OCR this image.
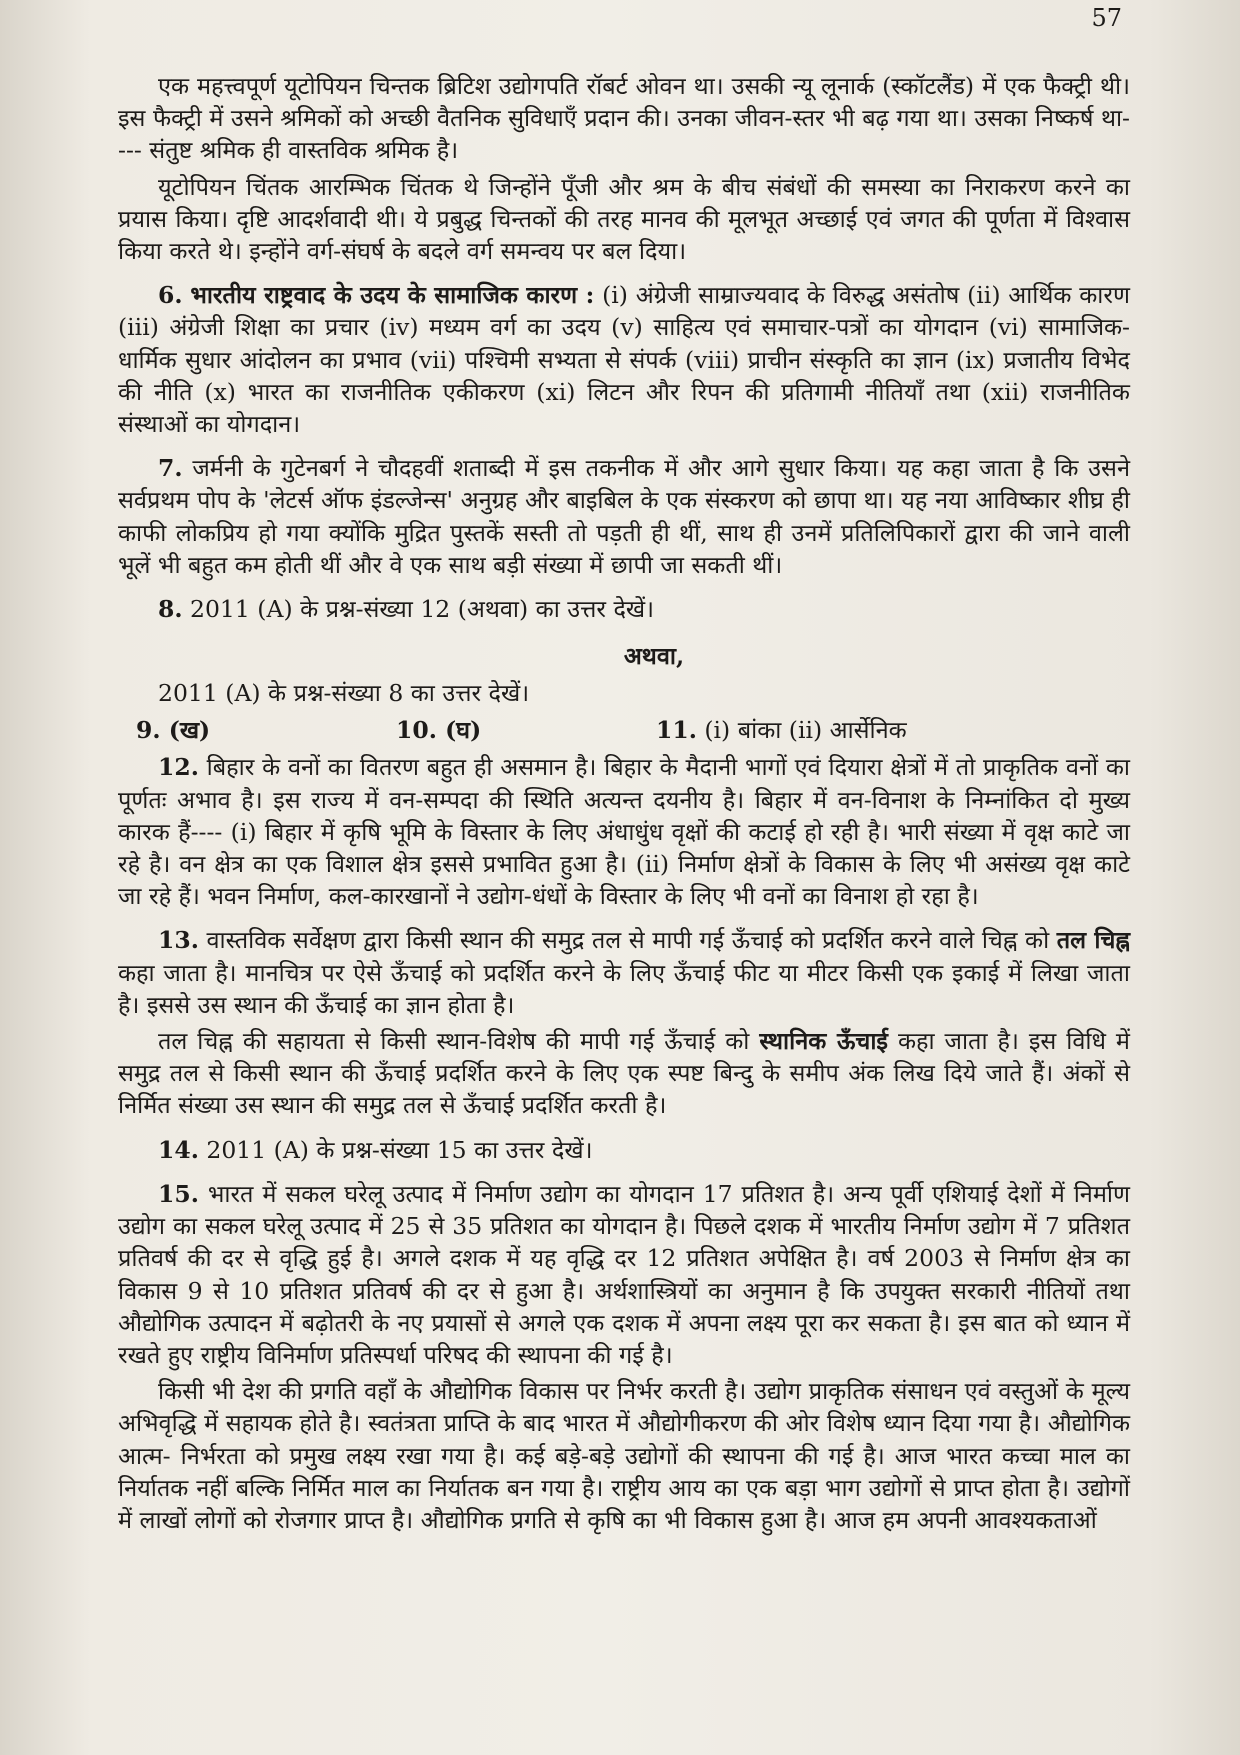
57

एक महत्त्वपूर्ण यूटोपियन चिन्तक ब्रिटिश उद्योगपति रॉबर्ट ओवन था। उसकी न्यू लूनार्क (स्कॉटलैंड) में एक फैक्ट्री थी। इस फैक्ट्री में उसने श्रमिकों को अच्छी वैतनिक सुविधाएँ प्रदान की। उनका जीवन-स्तर भी बढ़ गया था। उसका निष्कर्ष था---- संतुष्ट श्रमिक ही वास्तविक श्रमिक है।

यूटोपियन चिंतक आरम्भिक चिंतक थे जिन्होंने पूँजी और श्रम के बीच संबंधों की समस्या का निराकरण करने का प्रयास किया। दृष्टि आदर्शवादी थी। ये प्रबुद्ध चिन्तकों की तरह मानव की मूलभूत अच्छाई एवं जगत की पूर्णता में विश्वास किया करते थे। इन्होंने वर्ग-संघर्ष के बदले वर्ग समन्वय पर बल दिया।

6. भारतीय राष्ट्रवाद के उदय के सामाजिक कारण : (i) अंग्रेजी साम्राज्यवाद के विरुद्ध असंतोष (ii) आर्थिक कारण (iii) अंग्रेजी शिक्षा का प्रचार (iv) मध्यम वर्ग का उदय (v) साहित्य एवं समाचार-पत्रों का योगदान (vi) सामाजिक-धार्मिक सुधार आंदोलन का प्रभाव (vii) पश्चिमी सभ्यता से संपर्क (viii) प्राचीन संस्कृति का ज्ञान (ix) प्रजातीय विभेद की नीति (x) भारत का राजनीतिक एकीकरण (xi) लिटन और रिपन की प्रतिगामी नीतियाँ तथा (xii) राजनीतिक संस्थाओं का योगदान।

7. जर्मनी के गुटेनबर्ग ने चौदहवीं शताब्दी में इस तकनीक में और आगे सुधार किया। यह कहा जाता है कि उसने सर्वप्रथम पोप के 'लेटर्स ऑफ इंडल्जेन्स' अनुग्रह और बाइबिल के एक संस्करण को छापा था। यह नया आविष्कार शीघ्र ही काफी लोकप्रिय हो गया क्योंकि मुद्रित पुस्तकें सस्ती तो पड़ती ही थीं, साथ ही उनमें प्रतिलिपिकारों द्वारा की जाने वाली भूलें भी बहुत कम होती थीं और वे एक साथ बड़ी संख्या में छापी जा सकती थीं।

8. 2011 (A) के प्रश्न-संख्या 12 (अथवा) का उत्तर देखें।

अथवा,

2011 (A) के प्रश्न-संख्या 8 का उत्तर देखें।

9. (ख)	10. (घ)	11. (i) बांका (ii) आर्सेनिक

12. बिहार के वनों का वितरण बहुत ही असमान है। बिहार के मैदानी भागों एवं दियारा क्षेत्रों में तो प्राकृतिक वनों का पूर्णतः अभाव है। इस राज्य में वन-सम्पदा की स्थिति अत्यन्त दयनीय है। बिहार में वन-विनाश के निम्नांकित दो मुख्य कारक हैं---- (i) बिहार में कृषि भूमि के विस्तार के लिए अंधाधुंध वृक्षों की कटाई हो रही है। भारी संख्या में वृक्ष काटे जा रहे है। वन क्षेत्र का एक विशाल क्षेत्र इससे प्रभावित हुआ है। (ii) निर्माण क्षेत्रों के विकास के लिए भी असंख्य वृक्ष काटे जा रहे हैं। भवन निर्माण, कल-कारखानों ने उद्योग-धंधों के विस्तार के लिए भी वनों का विनाश हो रहा है।

13. वास्तविक सर्वेक्षण द्वारा किसी स्थान की समुद्र तल से मापी गई ऊँचाई को प्रदर्शित करने वाले चिह्न को तल चिह्न कहा जाता है। मानचित्र पर ऐसे ऊँचाई को प्रदर्शित करने के लिए ऊँचाई फीट या मीटर किसी एक इकाई में लिखा जाता है। इससे उस स्थान की ऊँचाई का ज्ञान होता है।

तल चिह्न की सहायता से किसी स्थान-विशेष की मापी गई ऊँचाई को स्थानिक ऊँचाई कहा जाता है। इस विधि में समुद्र तल से किसी स्थान की ऊँचाई प्रदर्शित करने के लिए एक स्पष्ट बिन्दु के समीप अंक लिख दिये जाते हैं। अंकों से निर्मित संख्या उस स्थान की समुद्र तल से ऊँचाई प्रदर्शित करती है।

14. 2011 (A) के प्रश्न-संख्या 15 का उत्तर देखें।

15. भारत में सकल घरेलू उत्पाद में निर्माण उद्योग का योगदान 17 प्रतिशत है। अन्य पूर्वी एशियाई देशों में निर्माण उद्योग का सकल घरेलू उत्पाद में 25 से 35 प्रतिशत का योगदान है। पिछले दशक में भारतीय निर्माण उद्योग में 7 प्रतिशत प्रतिवर्ष की दर से वृद्धि हुई है। अगले दशक में यह वृद्धि दर 12 प्रतिशत अपेक्षित है। वर्ष 2003 से निर्माण क्षेत्र का विकास 9 से 10 प्रतिशत प्रतिवर्ष की दर से हुआ है। अर्थशास्त्रियों का अनुमान है कि उपयुक्त सरकारी नीतियों तथा औद्योगिक उत्पादन में बढ़ोतरी के नए प्रयासों से अगले एक दशक में अपना लक्ष्य पूरा कर सकता है। इस बात को ध्यान में रखते हुए राष्ट्रीय विनिर्माण प्रतिस्पर्धा परिषद की स्थापना की गई है।

किसी भी देश की प्रगति वहाँ के औद्योगिक विकास पर निर्भर करती है। उद्योग प्राकृतिक संसाधन एवं वस्तुओं के मूल्य अभिवृद्धि में सहायक होते है। स्वतंत्रता प्राप्ति के बाद भारत में औद्योगीकरण की ओर विशेष ध्यान दिया गया है। औद्योगिक आत्म- निर्भरता को प्रमुख लक्ष्य रखा गया है। कई बड़े-बड़े उद्योगों की स्थापना की गई है। आज भारत कच्चा माल का निर्यातक नहीं बल्कि निर्मित माल का निर्यातक बन गया है। राष्ट्रीय आय का एक बड़ा भाग उद्योगों से प्राप्त होता है। उद्योगों में लाखों लोगों को रोजगार प्राप्त है। औद्योगिक प्रगति से कृषि का भी विकास हुआ है। आज हम अपनी आवश्यकताओं
